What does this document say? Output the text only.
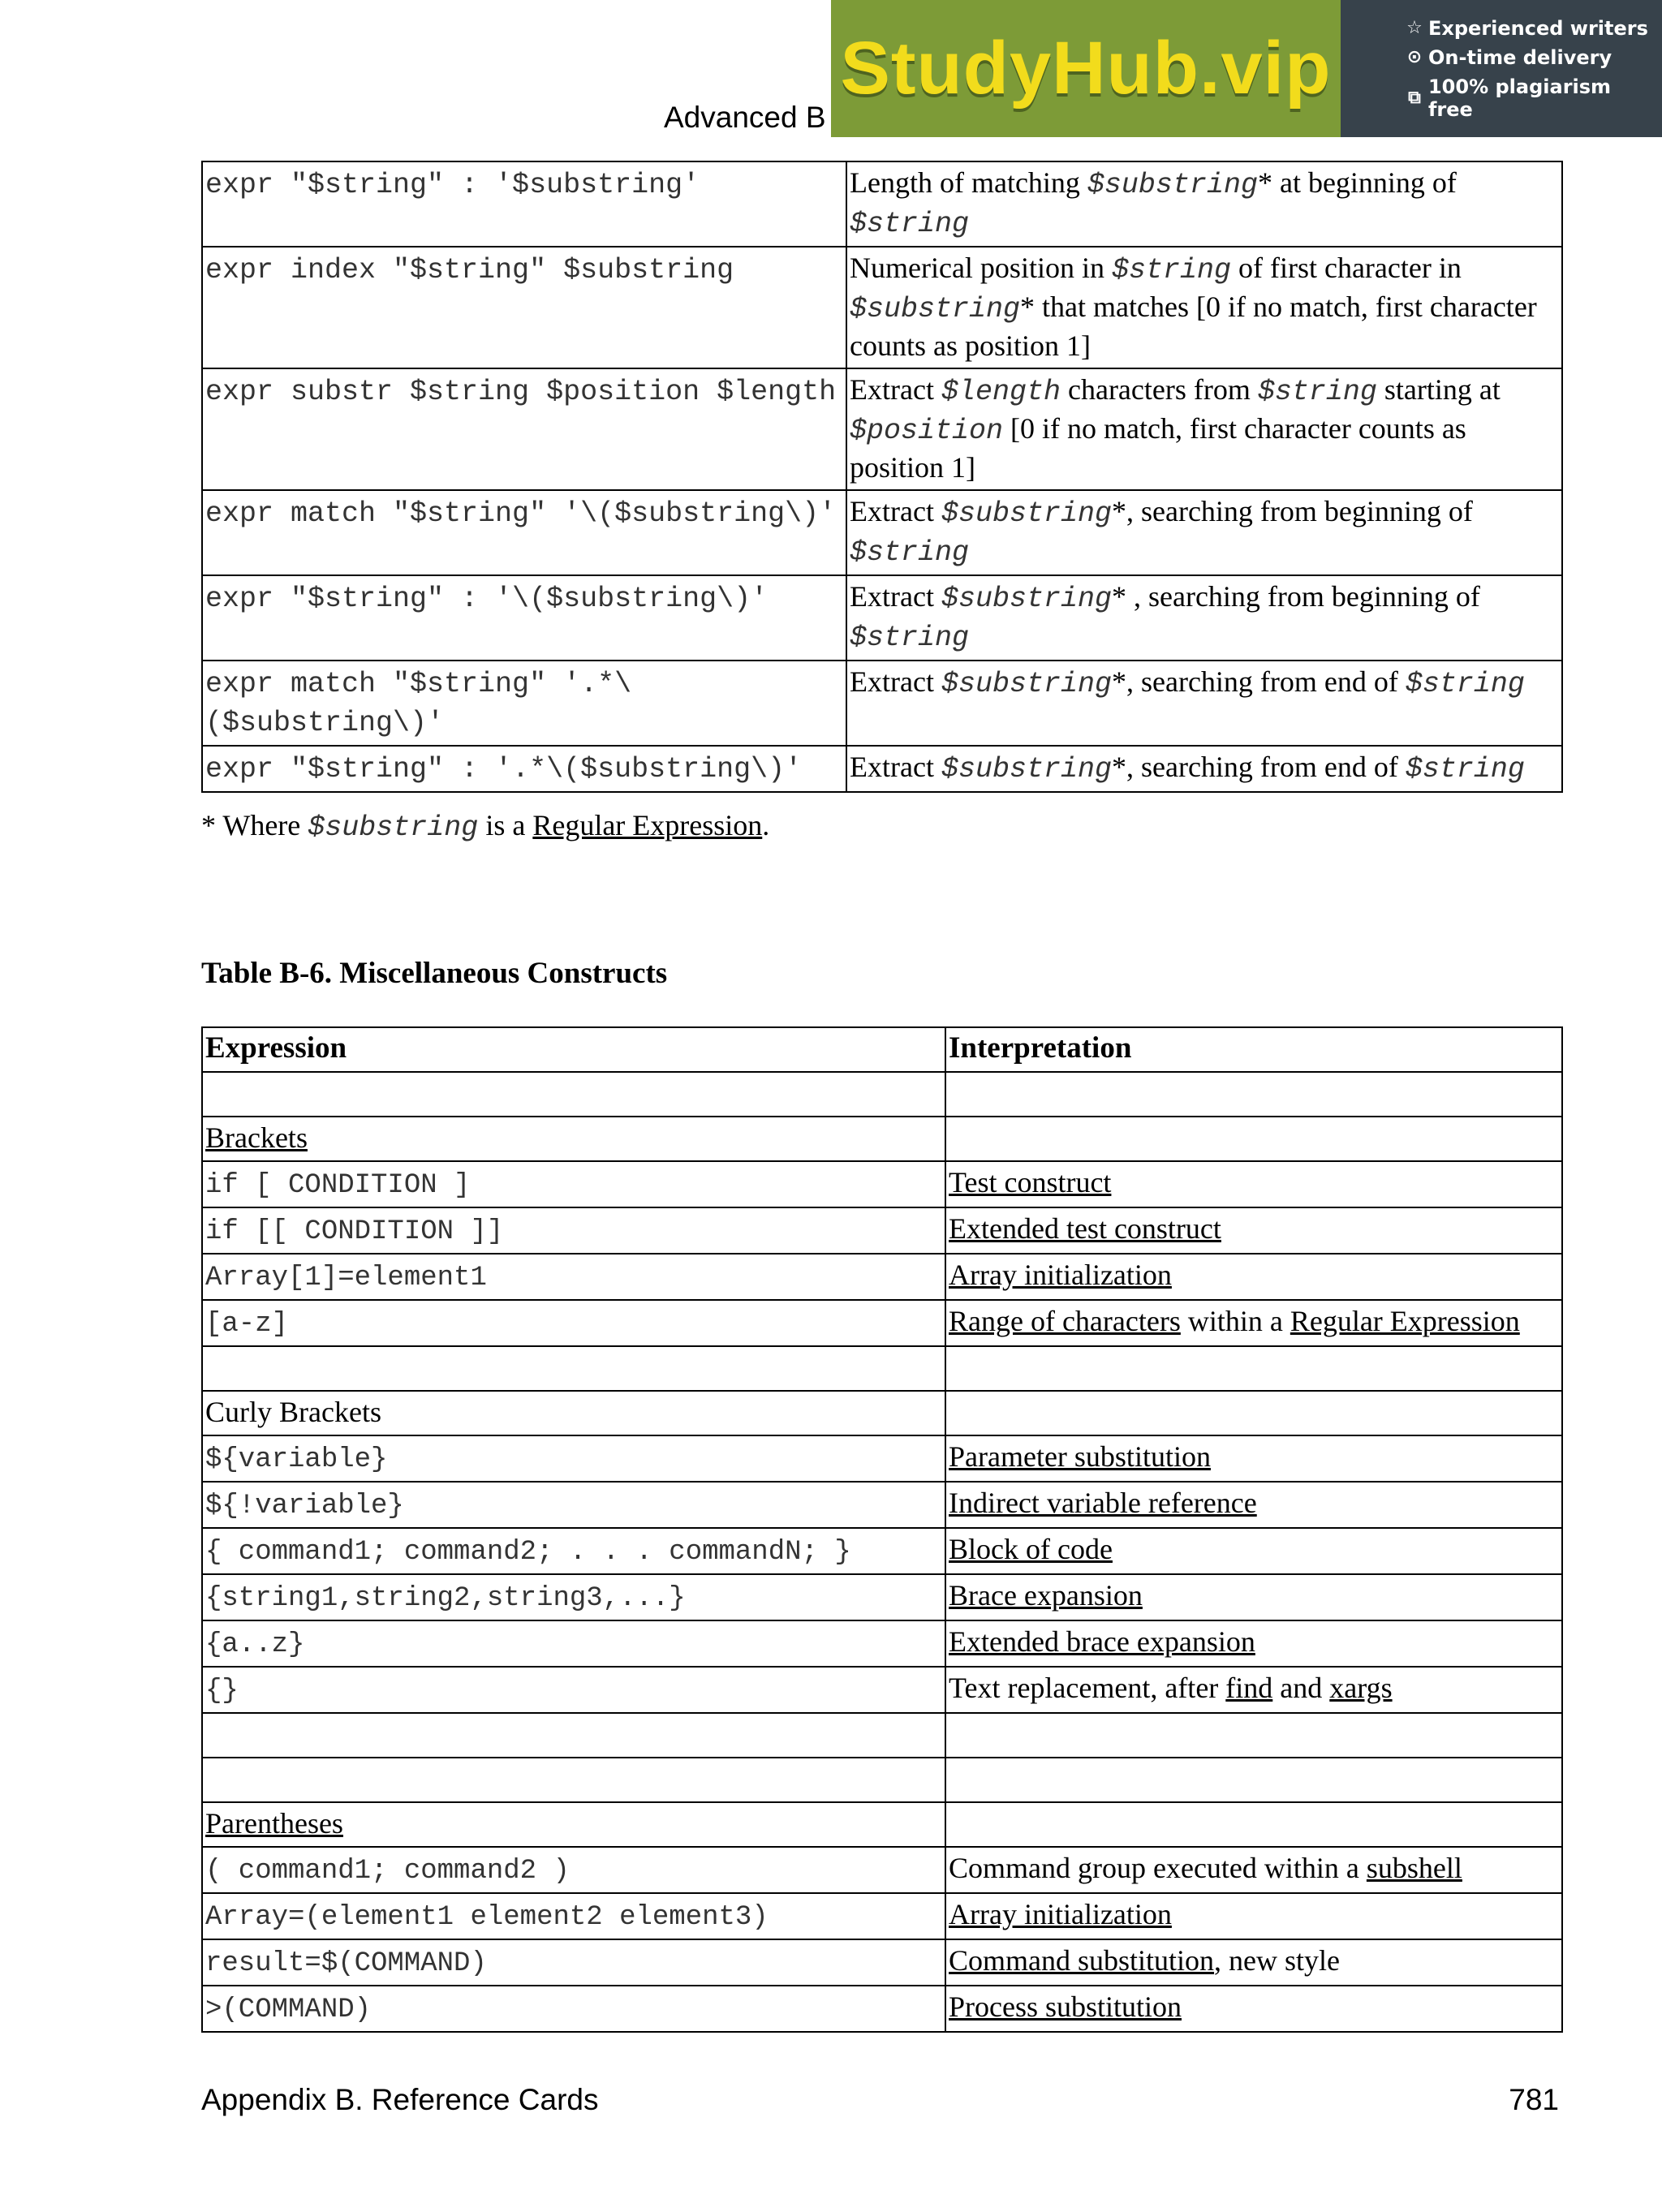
Advanced B
StudyHub.vip	☆ Experienced writers
⊙ On-time delivery
⧉ 100% plagiarism free
expr "$string" : '$substring'	Length of matching $substring* at beginning of $string
expr index "$string" $substring	Numerical position in $string of first character in $substring* that matches [0 if no match, first character counts as position 1]
expr substr $string $position $length	Extract $length characters from $string starting at $position [0 if no match, first character counts as position 1]
expr match "$string" '\($substring\)'	Extract $substring*, searching from beginning of $string
expr "$string" : '\($substring\)'	Extract $substring* , searching from beginning of $string
expr match "$string" '.*\($substring\)'	Extract $substring*, searching from end of $string
expr "$string" : '.*\($substring\)'	Extract $substring*, searching from end of $string
* Where $substring is a Regular Expression.
Table B-6. Miscellaneous Constructs
Expression	Interpretation

Brackets	
if [ CONDITION ]	Test construct
if [[ CONDITION ]]	Extended test construct
Array[1]=element1	Array initialization
[a-z]	Range of characters within a Regular Expression

Curly Brackets	
${variable}	Parameter substitution
${!variable}	Indirect variable reference
{ command1; command2; . . . commandN; }	Block of code
{string1,string2,string3,...}	Brace expansion
{a..z}	Extended brace expansion
{}	Text replacement, after find and xargs

Parentheses	
( command1; command2 )	Command group executed within a subshell
Array=(element1 element2 element3)	Array initialization
result=$(COMMAND)	Command substitution, new style
>(COMMAND)	Process substitution
Appendix B. Reference Cards	781
